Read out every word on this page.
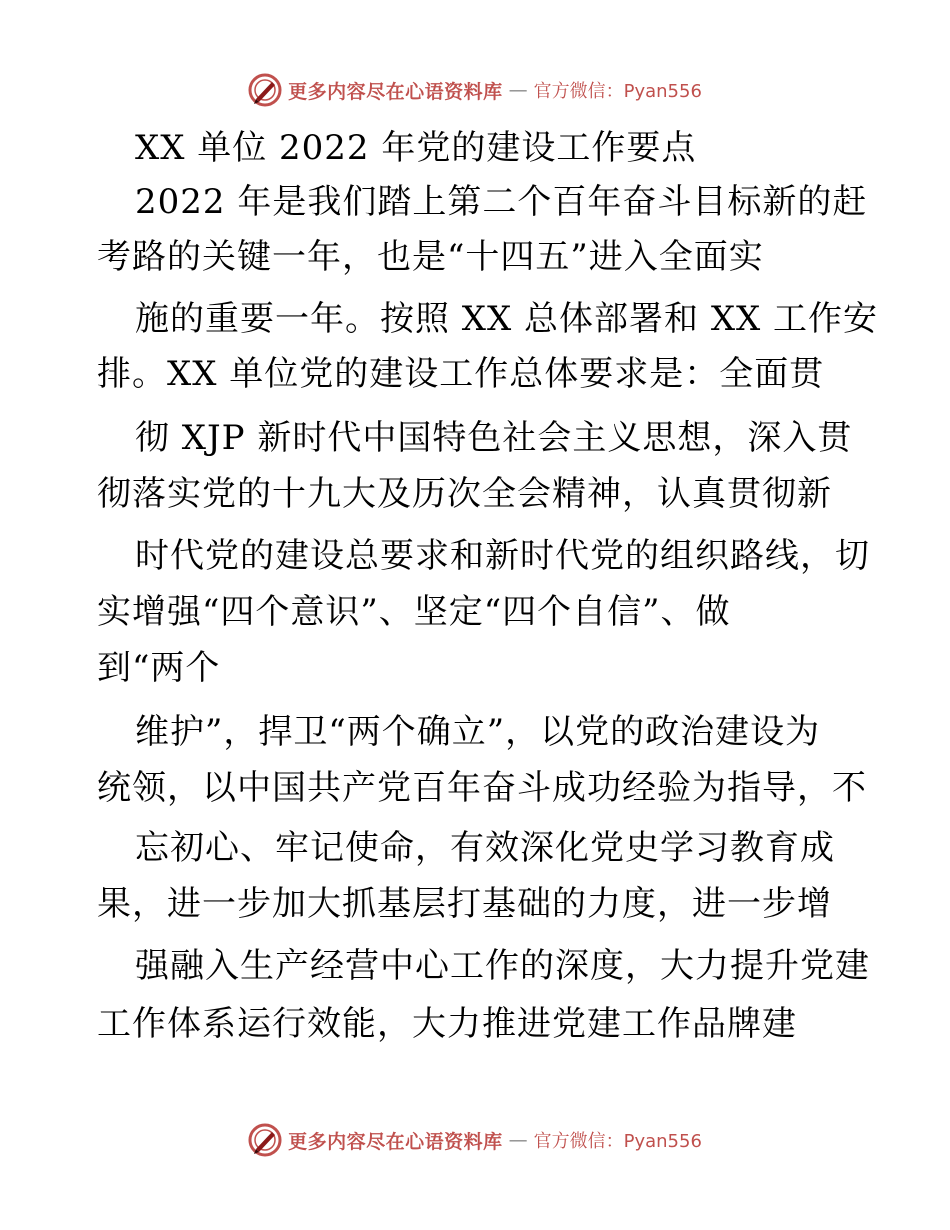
更多内容尽在心语资料库 — 官方微信：Pyan556
XX 单位 2022 年党的建设工作要点
2022 年是我们踏上第二个百年奋斗目标新的赶
考路的关键一年，也是“十四五”进入全面实
施的重要一年。按照 XX 总体部署和 XX 工作安
排。XX 单位党的建设工作总体要求是：全面贯
彻 XJP 新时代中国特色社会主义思想，深入贯
彻落实党的十九大及历次全会精神，认真贯彻新
时代党的建设总要求和新时代党的组织路线，切
实增强“四个意识”、坚定“四个自信”、做
到“两个
维护”，捍卫“两个确立”，以党的政治建设为
统领，以中国共产党百年奋斗成功经验为指导，不
忘初心、牢记使命，有效深化党史学习教育成
果，进一步加大抓基层打基础的力度，进一步增
强融入生产经营中心工作的深度，大力提升党建
工作体系运行效能，大力推进党建工作品牌建
更多内容尽在心语资料库 — 官方微信：Pyan556
